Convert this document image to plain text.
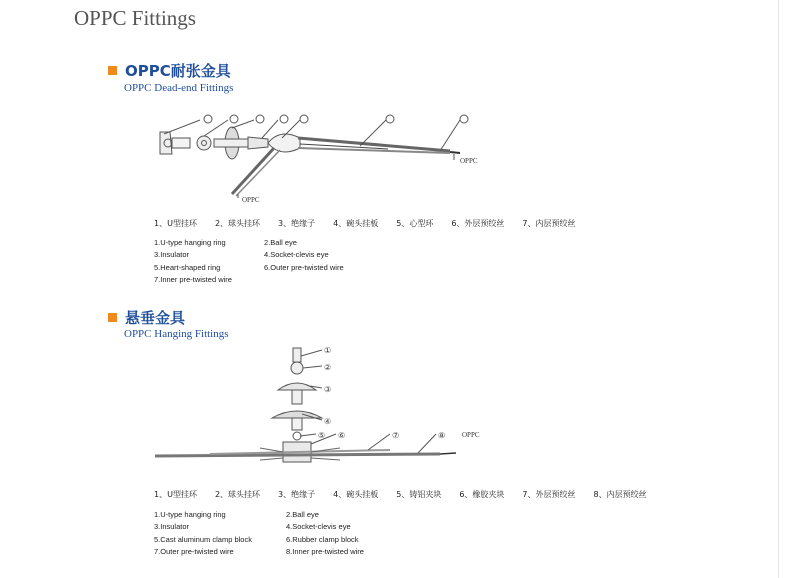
OPPC Fittings
OPPC耐张金具
OPPC Dead-end Fittings
OPPC
OPPC
1、U型挂环 2、球头挂环 3、绝缘子 4、碗头挂板 5、心型环 6、外层预绞丝 7、内层预绞丝
1.U-type hanging ring	2.Ball eye
3.Insulator	4.Socket-clevis eye
5.Heart-shaped ring	6.Outer pre-twisted wire
7.Inner pre-twisted wire
悬垂金具
OPPC Hanging Fittings
①
②
③
④
⑤ ⑥	⑦	⑧ OPPC
1、U型挂环 2、球头挂环 3、绝缘子 4、碗头挂板 5、铸铝夹块 6、橡胶夹块 7、外层预绞丝 8、内层预绞丝
1.U-type hanging ring	2.Ball eye
3.Insulator	4.Socket-clevis eye
5.Cast aluminum clamp block	6.Rubber clamp block
7.Outer pre-twisted wire	8.Inner pre-twisted wire
